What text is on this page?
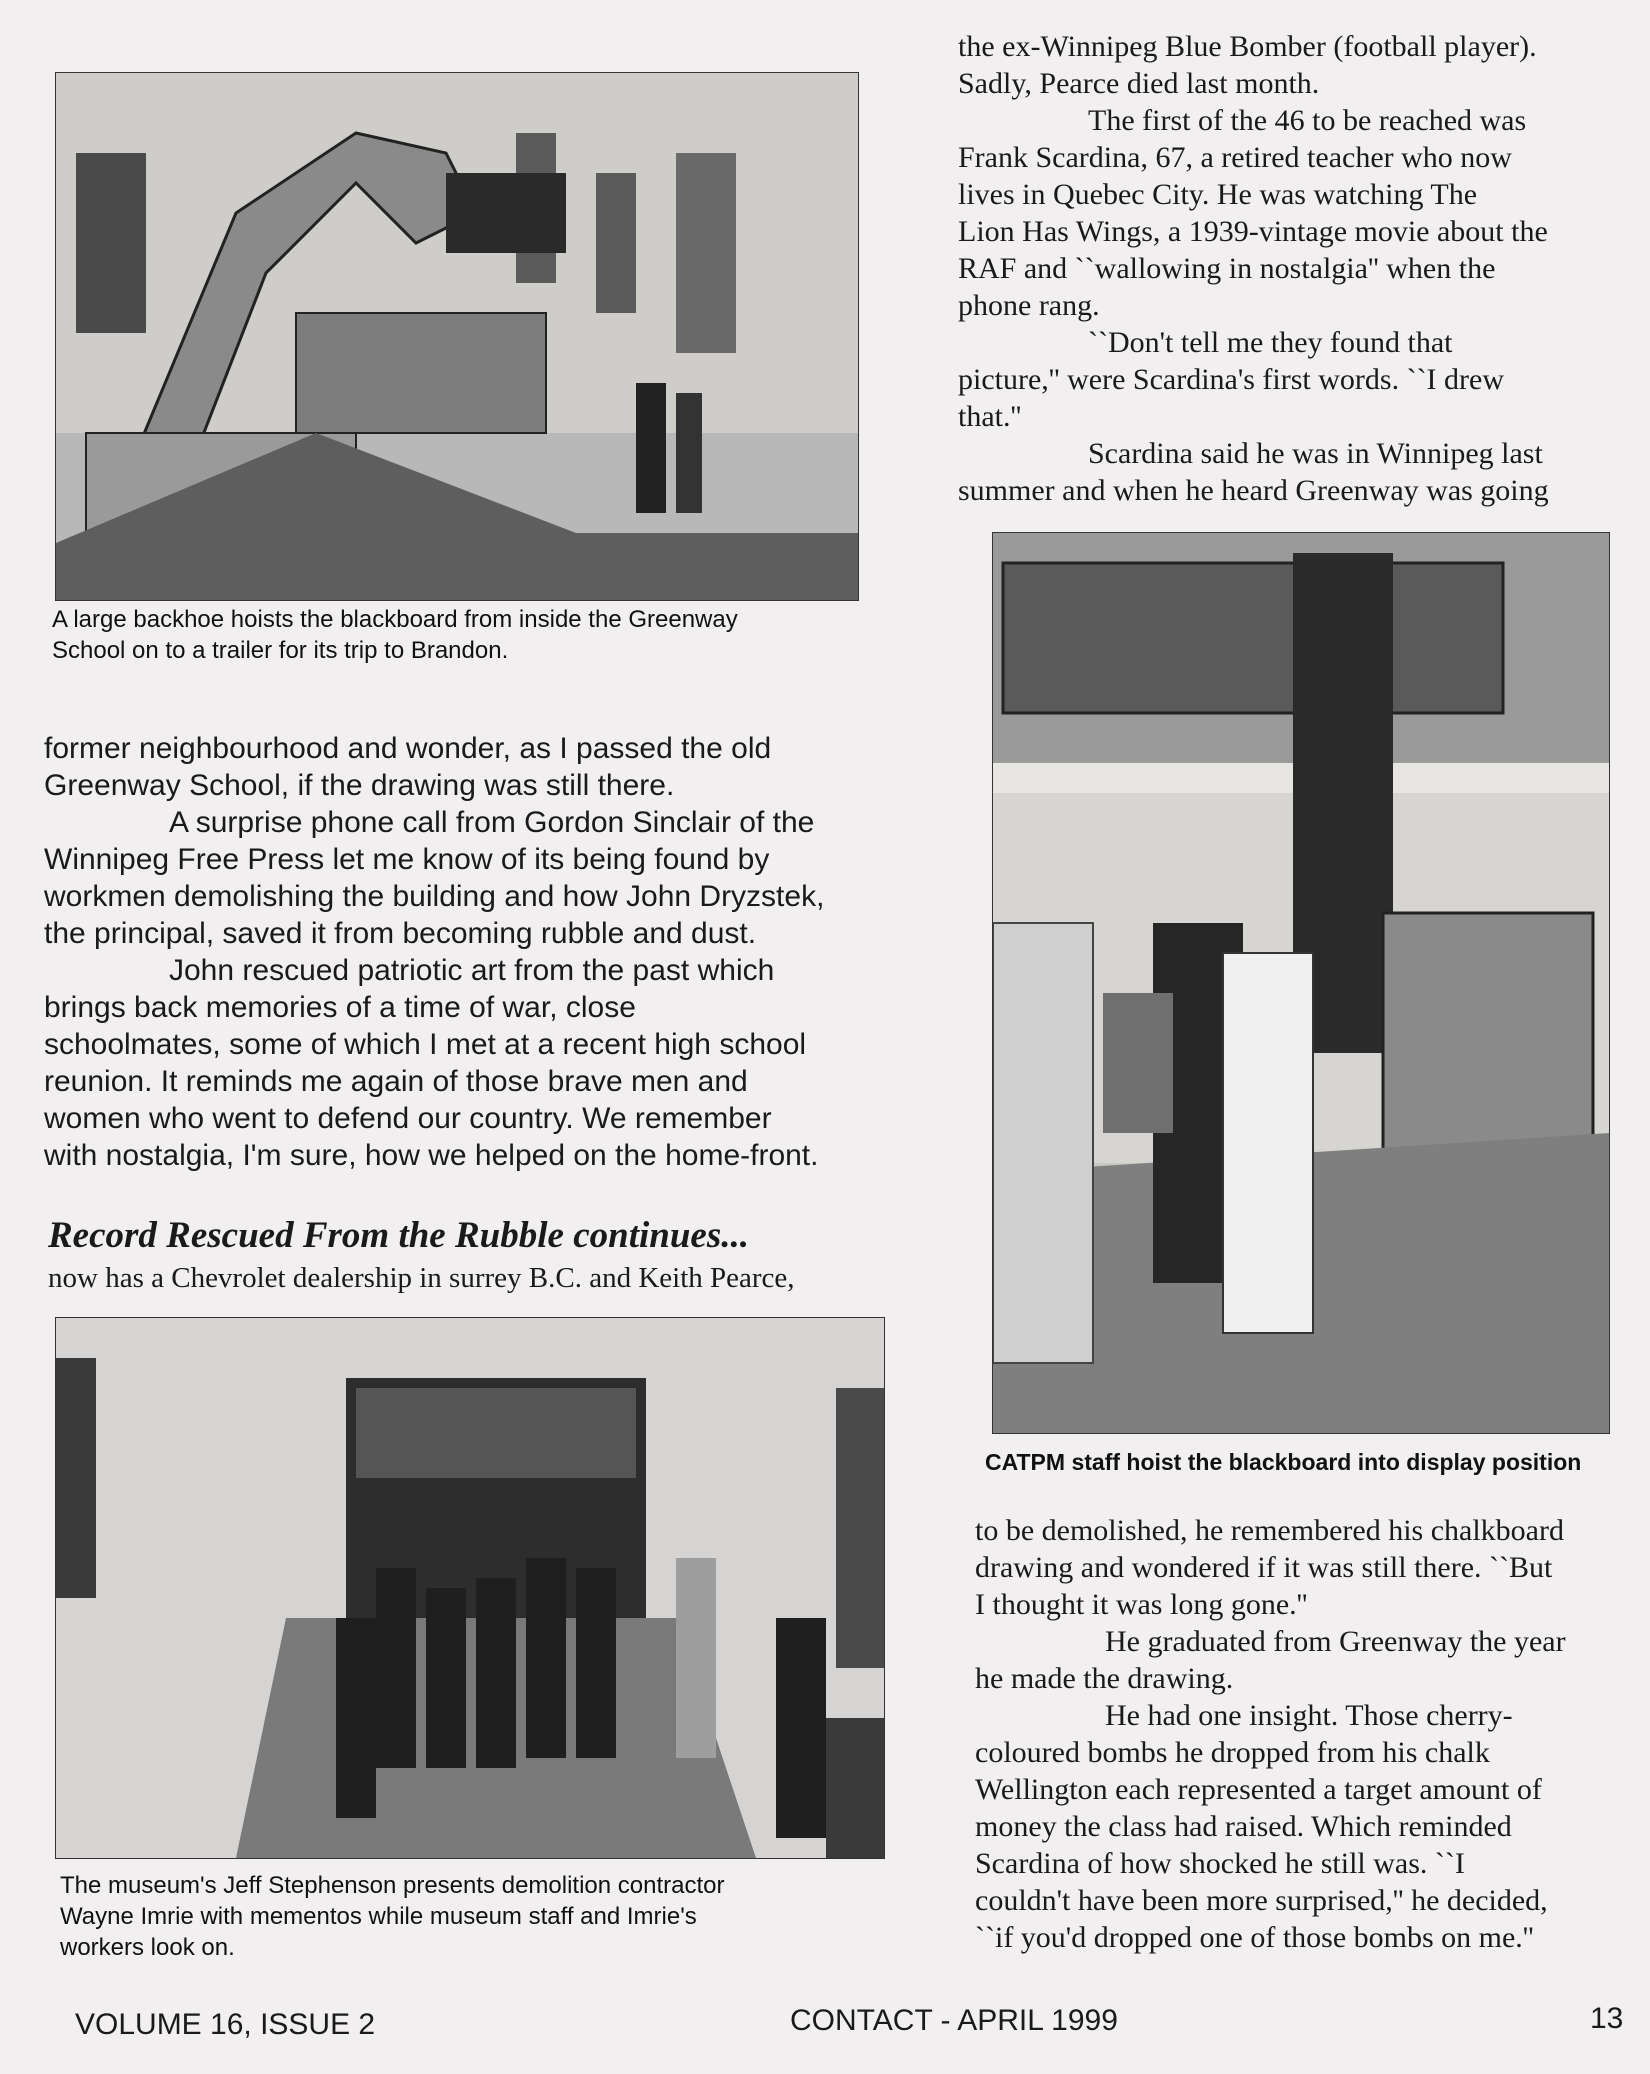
A large backhoe hoists the blackboard from inside the Greenway
School on to a trailer for its trip to Brandon.

former neighbourhood and wonder, as I passed the old
Greenway School, if the drawing was still there.

A surprise phone call from Gordon Sinclair of the
Winnipeg Free Press let me know of its being found by
workmen demolishing the building and how John Dryzstek,
the principal, saved it from becoming rubble and dust.

John rescued patriotic art from the past which
brings back memories of a time of war, close
schoolmates, some of which I met at a recent high school
reunion. It reminds me again of those brave men and
women who went to defend our country. We remember
with nostalgia, I'm sure, how we helped on the home-front.

Record Rescued From the Rubble continues...
now has a Chevrolet dealership in surrey B.C. and Keith Pearce,
The museum's Jeff Stephenson presents demolition contractor
Wayne Imrie with mementos while museum staff and Imrie's
workers look on.
the ex-Winnipeg Blue Bomber (football player).
Sadly, Pearce died last month.
The first of the 46 to be reached was
Frank Scardina, 67, a retired teacher who now
lives in Quebec City. He was watching The
Lion Has Wings, a 1939-vintage movie about the
RAF and ``wallowing in nostalgia'' when the
phone rang.
``Don't tell me they found that
picture,'' were Scardina's first words. ``I drew
that.''
Scardina said he was in Winnipeg last
summer and when he heard Greenway was going
CATPM staff hoist the blackboard into display position
to be demolished, he remembered his chalkboard
drawing and wondered if it was still there. ``But
I thought it was long gone.''
He graduated from Greenway the year
he made the drawing.
He had one insight. Those cherry-
coloured bombs he dropped from his chalk
Wellington each represented a target amount of
money the class had raised. Which reminded
Scardina of how shocked he still was. ``I
couldn't have been more surprised,'' he decided,
``if you'd dropped one of those bombs on me.''
VOLUME 16, ISSUE 2	CONTACT - APRIL 1999	13
